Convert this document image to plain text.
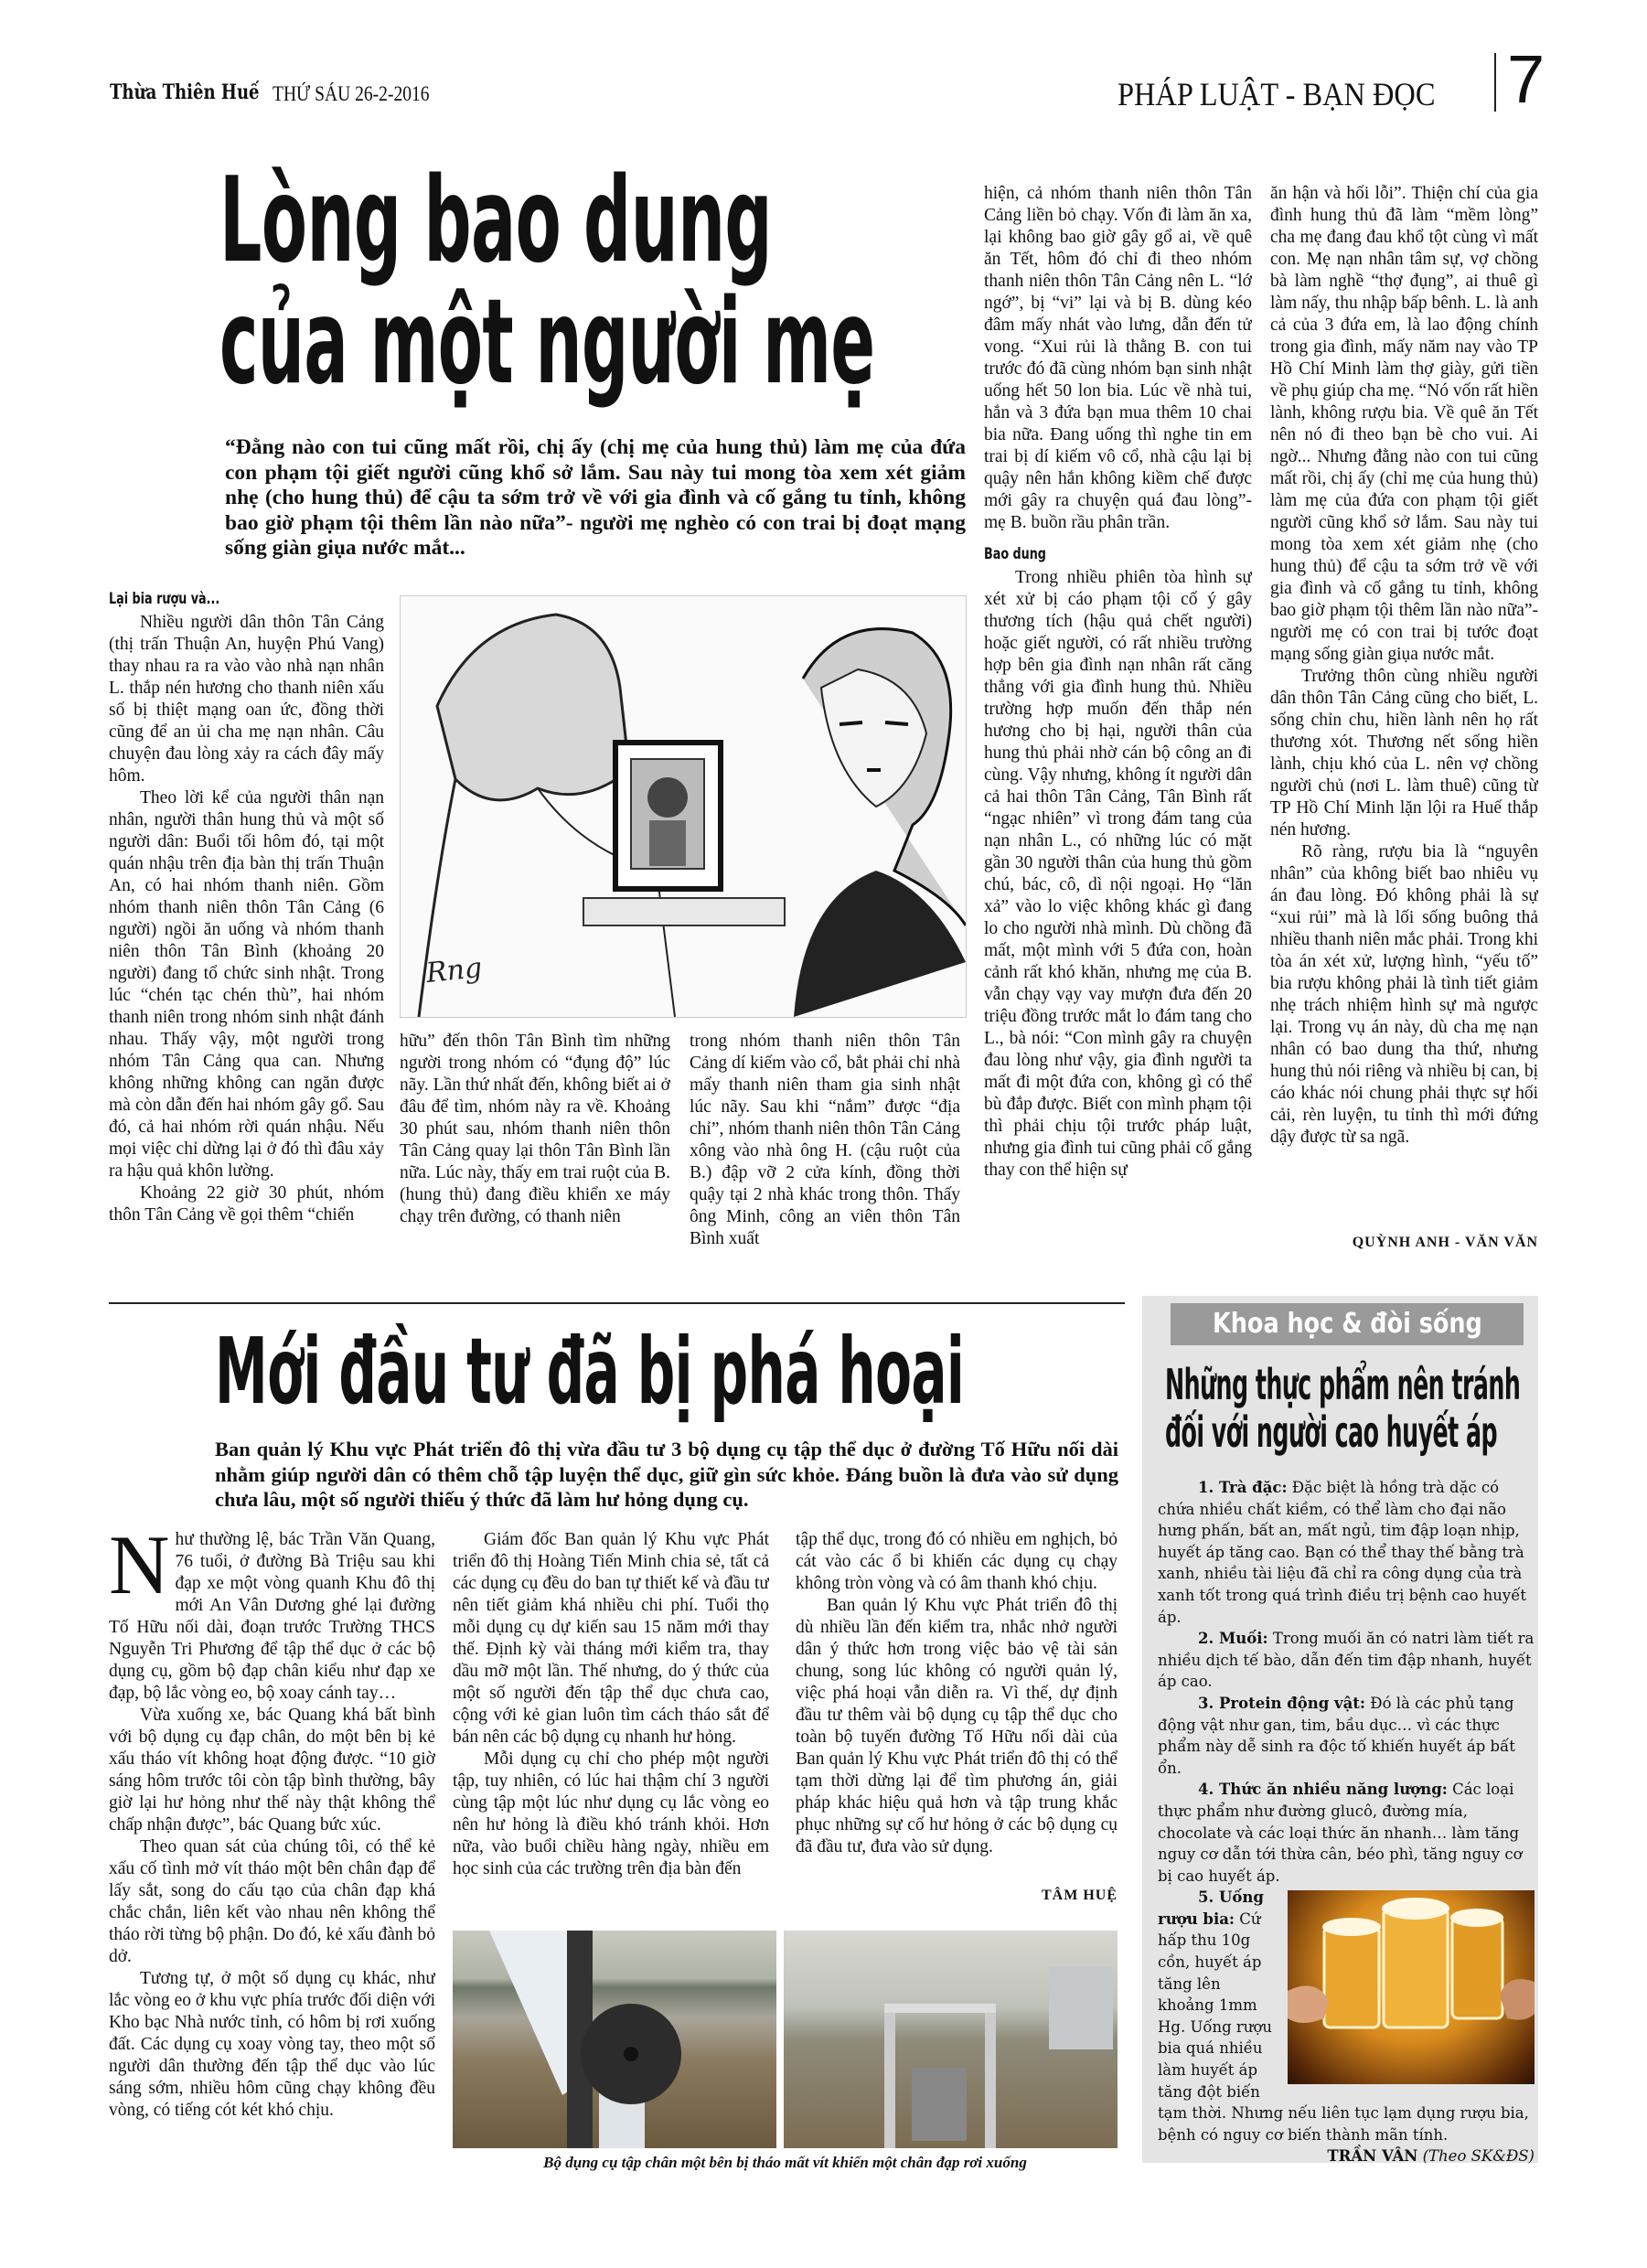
Thừa Thiên Huế THỨ SÁU 26-2-2016	PHÁP LUẬT - BẠN ĐỌC 7
Lòng bao dung
của một người mẹ
“Đằng nào con tui cũng mất rồi, chị ấy (chị mẹ của hung thủ) làm mẹ của đứa con phạm tội giết người cũng khổ sở lắm. Sau này tui mong tòa xem xét giảm nhẹ (cho hung thủ) để cậu ta sớm trở về với gia đình và cố gắng tu tỉnh, không bao giờ phạm tội thêm lần nào nữa”- người mẹ nghèo có con trai bị đoạt mạng sống giàn giụa nước mắt...
Lại bia rượu và...

Nhiều người dân thôn Tân Cảng (thị trấn Thuận An, huyện Phú Vang) thay nhau ra ra vào vào nhà nạn nhân L. thắp nén hương cho thanh niên xấu số bị thiệt mạng oan ức, đồng thời cũng để an ủi cha mẹ nạn nhân. Câu chuyện đau lòng xảy ra cách đây mấy hôm.

Theo lời kể của người thân nạn nhân, người thân hung thủ và một số người dân: Buổi tối hôm đó, tại một quán nhậu trên địa bàn thị trấn Thuận An, có hai nhóm thanh niên. Gồm nhóm thanh niên thôn Tân Cảng (6 người) ngồi ăn uống và nhóm thanh niên thôn Tân Bình (khoảng 20 người) đang tổ chức sinh nhật. Trong lúc “chén tạc chén thù”, hai nhóm thanh niên trong nhóm sinh nhật đánh nhau. Thấy vậy, một người trong nhóm Tân Cảng qua can. Nhưng không những không can ngăn được mà còn dẫn đến hai nhóm gây gổ. Sau đó, cả hai nhóm rời quán nhậu. Nếu mọi việc chỉ dừng lại ở đó thì đâu xảy ra hậu quả khôn lường.

Khoảng 22 giờ 30 phút, nhóm thôn Tân Cảng về gọi thêm “chiến

Rng

hữu” đến thôn Tân Bình tìm những người trong nhóm có “đụng độ” lúc nãy. Lần thứ nhất đến, không biết ai ở đâu để tìm, nhóm này ra về. Khoảng 30 phút sau, nhóm thanh niên thôn Tân Cảng quay lại thôn Tân Bình lần nữa. Lúc này, thấy em trai ruột của B. (hung thủ) đang điều khiển xe máy chạy trên đường, có thanh niên

trong nhóm thanh niên thôn Tân Cảng dí kiếm vào cổ, bắt phải chỉ nhà mấy thanh niên tham gia sinh nhật lúc nãy. Sau khi “nắm” được “địa chỉ”, nhóm thanh niên thôn Tân Cảng xông vào nhà ông H. (cậu ruột của B.) đập vỡ 2 cửa kính, đồng thời quậy tại 2 nhà khác trong thôn. Thấy ông Minh, công an viên thôn Tân Bình xuất

hiện, cả nhóm thanh niên thôn Tân Cảng liền bỏ chạy. Vốn đi làm ăn xa, lại không bao giờ gây gổ ai, về quê ăn Tết, hôm đó chỉ đi theo nhóm thanh niên thôn Tân Cảng nên L. “lớ ngớ”, bị “vі” lại và bị B. dùng kéo đâm mấy nhát vào lưng, dẫn đến tử vong. “Xui rủi là thằng B. con tui trước đó đã cùng nhóm bạn sinh nhật uống hết 50 lon bia. Lúc về nhà tui, hắn và 3 đứa bạn mua thêm 10 chai bia nữa. Đang uống thì nghe tin em trai bị dí kiếm vô cổ, nhà cậu lại bị quậy nên hắn không kiềm chế được mới gây ra chuyện quá đau lòng”- mẹ B. buồn rầu phân trần.

Bao dung

Trong nhiều phiên tòa hình sự xét xử bị cáo phạm tội cố ý gây thương tích (hậu quả chết người) hoặc giết người, có rất nhiều trường hợp bên gia đình nạn nhân rất căng thẳng với gia đình hung thủ. Nhiều trường hợp muốn đến thắp nén hương cho bị hại, người thân của hung thủ phải nhờ cán bộ công an đi cùng. Vậy nhưng, không ít người dân cả hai thôn Tân Cảng, Tân Bình rất “ngạc nhiên” vì trong đám tang của nạn nhân L., có những lúc có mặt gần 30 người thân của hung thủ gồm chú, bác, cô, dì nội ngoại. Họ “lăn xả” vào lo việc không khác gì đang lo cho người nhà mình. Dù chồng đã mất, một mình với 5 đứa con, hoàn cảnh rất khó khăn, nhưng mẹ của B. vẫn chạy vạy vay mượn đưa đến 20 triệu đồng trước mắt lo đám tang cho L., bà nói: “Con mình gây ra chuyện đau lòng như vậy, gia đình người ta mất đi một đứa con, không gì có thể bù đắp được. Biết con mình phạm tội thì phải chịu tội trước pháp luật, nhưng gia đình tui cũng phải cố gắng thay con thể hiện sự

ăn hận và hối lỗi”. Thiện chí của gia đình hung thủ đã làm “mềm lòng” cha mẹ đang đau khổ tột cùng vì mất con. Mẹ nạn nhân tâm sự, vợ chồng bà làm nghề “thợ đụng”, ai thuê gì làm nấy, thu nhập bấp bênh. L. là anh cả của 3 đứa em, là lao động chính trong gia đình, mấy năm nay vào TP Hồ Chí Minh làm thợ giày, gửi tiền về phụ giúp cha mẹ. “Nó vốn rất hiền lành, không rượu bia. Về quê ăn Tết nên nó đi theo bạn bè cho vui. Ai ngờ... Nhưng đằng nào con tui cũng mất rồi, chị ấy (chỉ mẹ của hung thủ) làm mẹ của đứa con phạm tội giết người cũng khổ sở lắm. Sau này tui mong tòa xem xét giảm nhẹ (cho hung thủ) để cậu ta sớm trở về với gia đình và cố gắng tu tỉnh, không bao giờ phạm tội thêm lần nào nữa”- người mẹ có con trai bị tước đoạt mạng sống giàn giụa nước mắt.

Trưởng thôn cùng nhiều người dân thôn Tân Cảng cũng cho biết, L. sống chỉn chu, hiền lành nên họ rất thương xót. Thương nết sống hiền lành, chịu khó của L. nên vợ chồng người chủ (nơi L. làm thuê) cũng từ TP Hồ Chí Minh lặn lội ra Huế thắp nén hương.

Rõ ràng, rượu bia là “nguyên nhân” của không biết bao nhiêu vụ án đau lòng. Đó không phải là sự “xui rủi” mà là lối sống buông thả nhiều thanh niên mắc phải. Trong khi tòa án xét xử, lượng hình, “yếu tố” bia rượu không phải là tình tiết giảm nhẹ trách nhiệm hình sự mà ngược lại. Trong vụ án này, dù cha mẹ nạn nhân có bao dung tha thứ, nhưng hung thủ nói riêng và nhiều bị can, bị cáo khác nói chung phải thực sự hối cải, rèn luyện, tu tỉnh thì mới đứng dậy được từ sa ngã.

QUỲNH ANH - VĂN VĂN
Mới đầu tư đã bị phá hoại
Ban quản lý Khu vực Phát triển đô thị vừa đầu tư 3 bộ dụng cụ tập thể dục ở đường Tố Hữu nối dài nhằm giúp người dân có thêm chỗ tập luyện thể dục, giữ gìn sức khỏe. Đáng buồn là đưa vào sử dụng chưa lâu, một số người thiếu ý thức đã làm hư hỏng dụng cụ.

Như thường lệ, bác Trần Văn Quang, 76 tuổi, ở đường Bà Triệu sau khi đạp xe một vòng quanh Khu đô thị mới An Vân Dương ghé lại đường Tố Hữu nối dài, đoạn trước Trường THCS Nguyễn Tri Phương để tập thể dục ở các bộ dụng cụ, gồm bộ đạp chân kiểu như đạp xe đạp, bộ lắc vòng eo, bộ xoay cánh tay…

Vừa xuống xe, bác Quang khá bất bình với bộ dụng cụ đạp chân, do một bên bị kẻ xấu tháo vít không hoạt động được. “10 giờ sáng hôm trước tôi còn tập bình thường, bây giờ lại hư hỏng như thế này thật không thể chấp nhận được”, bác Quang bức xúc.

Theo quan sát của chúng tôi, có thể kẻ xấu cố tình mở vít tháo một bên chân đạp để lấy sắt, song do cấu tạo của chân đạp khá chắc chắn, liên kết vào nhau nên không thể tháo rời từng bộ phận. Do đó, kẻ xấu đành bỏ dở.

Tương tự, ở một số dụng cụ khác, như lắc vòng eo ở khu vực phía trước đối diện với Kho bạc Nhà nước tỉnh, có hôm bị rơi xuống đất. Các dụng cụ xoay vòng tay, theo một số người dân thường đến tập thể dục vào lúc sáng sớm, nhiều hôm cũng chạy không đều vòng, có tiếng cót két khó chịu.

Giám đốc Ban quản lý Khu vực Phát triển đô thị Hoàng Tiến Minh chia sẻ, tất cả các dụng cụ đều do ban tự thiết kế và đầu tư nên tiết giảm khá nhiều chi phí. Tuổi thọ mỗi dụng cụ dự kiến sau 15 năm mới thay thế. Định kỳ vài tháng mới kiểm tra, thay dầu mỡ một lần. Thế nhưng, do ý thức của một số người đến tập thể dục chưa cao, cộng với kẻ gian luôn tìm cách tháo sắt để bán nên các bộ dụng cụ nhanh hư hỏng.

Mỗi dụng cụ chỉ cho phép một người tập, tuy nhiên, có lúc hai thậm chí 3 người cùng tập một lúc như dụng cụ lắc vòng eo nên hư hỏng là điều khó tránh khỏi. Hơn nữa, vào buổi chiều hàng ngày, nhiều em học sinh của các trường trên địa bàn đến

tập thể dục, trong đó có nhiều em nghịch, bỏ cát vào các ổ bi khiến các dụng cụ chạy không tròn vòng và có âm thanh khó chịu.

Ban quản lý Khu vực Phát triển đô thị dù nhiều lần đến kiểm tra, nhắc nhở người dân ý thức hơn trong việc bảo vệ tài sản chung, song lúc không có người quản lý, việc phá hoại vẫn diễn ra. Vì thế, dự định đầu tư thêm vài bộ dụng cụ tập thể dục cho toàn bộ tuyến đường Tố Hữu nối dài của Ban quản lý Khu vực Phát triển đô thị có thể tạm thời dừng lại để tìm phương án, giải pháp khác hiệu quả hơn và tập trung khắc phục những sự cố hư hỏng ở các bộ dụng cụ đã đầu tư, đưa vào sử dụng.

TÂM HUỆ
Bộ dụng cụ tập chân một bên bị tháo mất vít khiến một chân đạp rơi xuống
Khoa học & đòi sống
Những thực phẩm nên tránh
đối với người cao huyết áp

1. Trà đặc: Đặc biệt là hồng trà dặc có chứa nhiều chất kiềm, có thể làm cho đại não hưng phấn, bất an, mất ngủ, tim đập loạn nhịp, huyết áp tăng cao. Bạn có thể thay thế bằng trà xanh, nhiều tài liệu đã chỉ ra công dụng của trà xanh tốt trong quá trình điều trị bệnh cao huyết áp.

2. Muối: Trong muối ăn có natri làm tiết ra nhiều dịch tế bào, dẫn đến tim đập nhanh, huyết áp cao.

3. Protein động vật: Đó là các phủ tạng động vật như gan, tim, bầu dục… vì các thực phẩm này dễ sinh ra độc tố khiến huyết áp bất ổn.

4. Thức ăn nhiều năng lượng: Các loại thực phẩm như đường glucô, đường mía, chocolate và các loại thức ăn nhanh… làm tăng nguy cơ dẫn tới thừa cân, béo phì, tăng nguy cơ bị cao huyết áp.

5. Uống rượu bia: Cứ hấp thu 10g cồn, huyết áp tăng lên khoảng 1mm Hg. Uống rượu bia quá nhiều làm huyết áp tăng đột biến tạm thời. Nhưng nếu liên tục lạm dụng rượu bia, bệnh có nguy cơ biến thành mãn tính.

TRẦN VÂN (Theo SK&ĐS)
